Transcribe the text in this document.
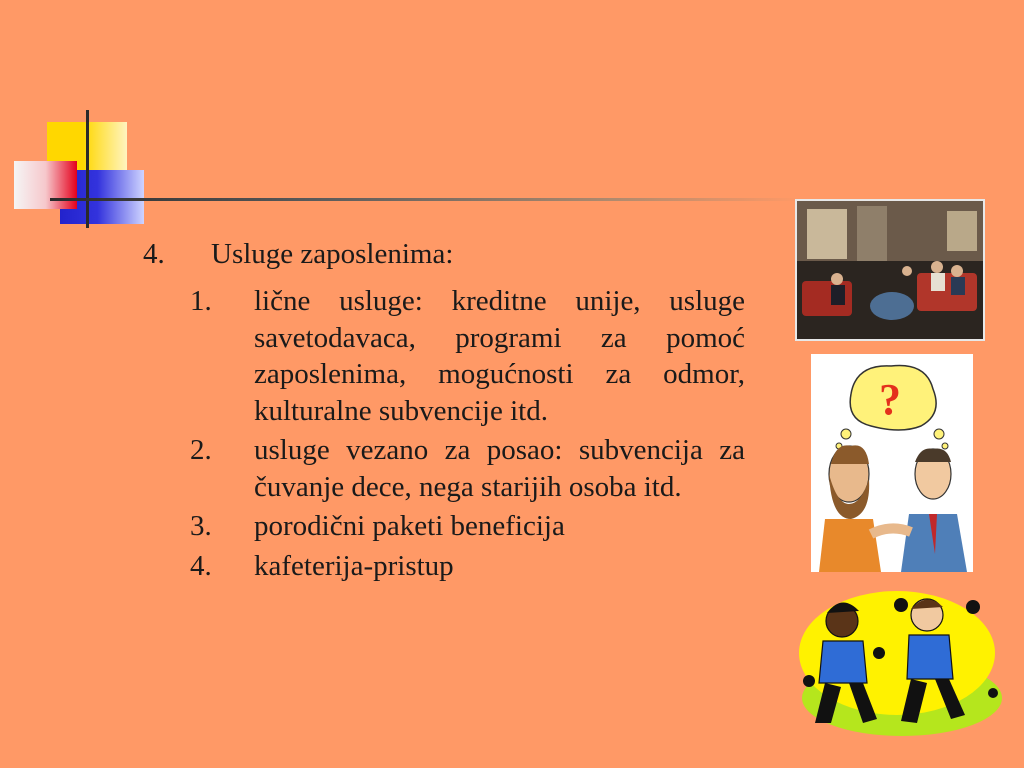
4.	Usluge zaposlenima:
1.	lične usluge: kreditne unije, usluge savetodavaca, programi za pomoć zaposlenima, mogućnosti za odmor, kulturalne subvencije itd.
2.	usluge vezano za posao: subvencija za čuvanje dece, nega starijih osoba itd.
3.	porodični paketi beneficija
4.	kafeterija-pristup
?
